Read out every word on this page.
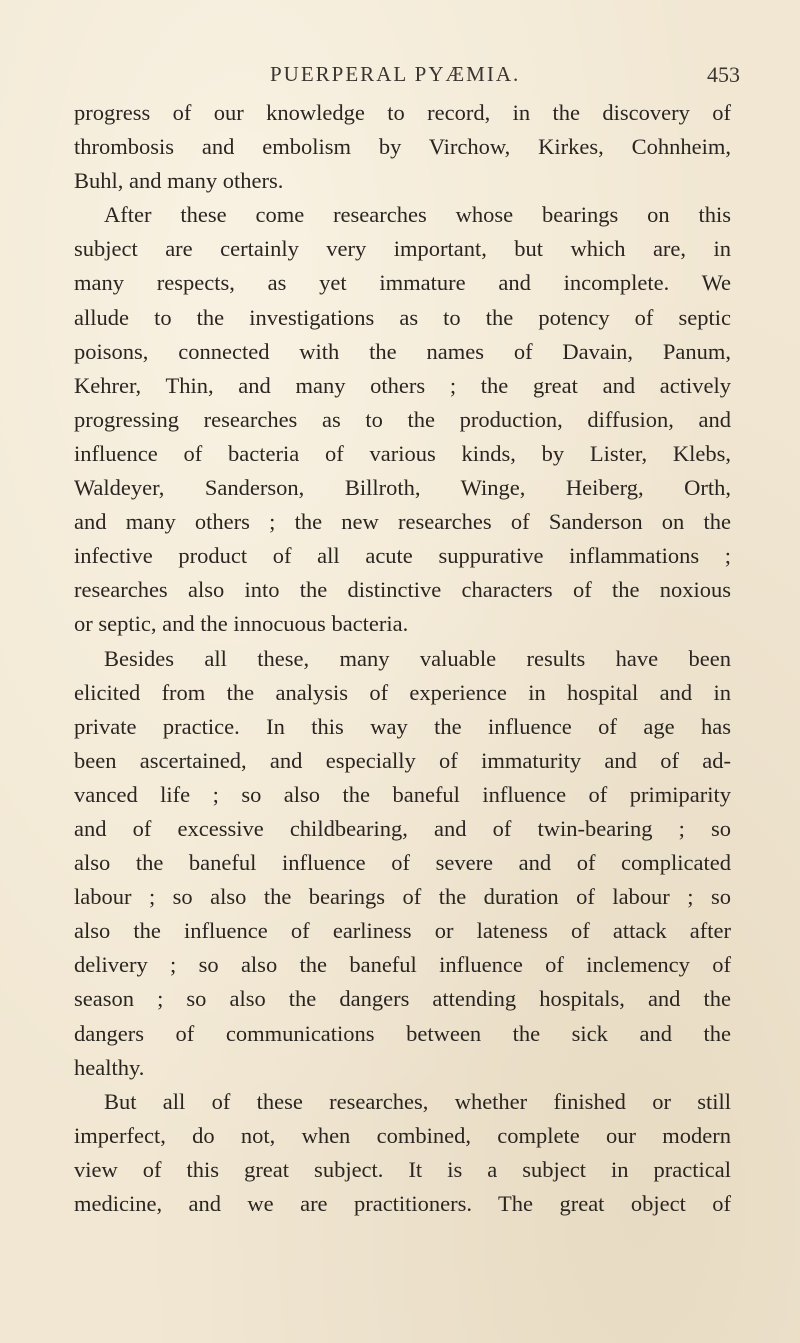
PUERPERAL PYÆMIA.	453
progress of our knowledge to record, in the discovery of
thrombosis and embolism by Virchow, Kirkes, Cohnheim,
Buhl, and many others.
After these come researches whose bearings on this
subject are certainly very important, but which are, in
many respects, as yet immature and incomplete. We
allude to the investigations as to the potency of septic
poisons, connected with the names of Davain, Panum,
Kehrer, Thin, and many others ; the great and actively
progressing researches as to the production, diffusion, and
influence of bacteria of various kinds, by Lister, Klebs,
Waldeyer, Sanderson, Billroth, Winge, Heiberg, Orth,
and many others ; the new researches of Sanderson on the
infective product of all acute suppurative inflammations ;
researches also into the distinctive characters of the noxious
or septic, and the innocuous bacteria.
Besides all these, many valuable results have been
elicited from the analysis of experience in hospital and in
private practice. In this way the influence of age has
been ascertained, and especially of immaturity and of ad-
vanced life ; so also the baneful influence of primiparity
and of excessive childbearing, and of twin-bearing ; so
also the baneful influence of severe and of complicated
labour ; so also the bearings of the duration of labour ; so
also the influence of earliness or lateness of attack after
delivery ; so also the baneful influence of inclemency of
season ; so also the dangers attending hospitals, and the
dangers of communications between the sick and the
healthy.
But all of these researches, whether finished or still
imperfect, do not, when combined, complete our modern
view of this great subject. It is a subject in practical
medicine, and we are practitioners. The great object of
